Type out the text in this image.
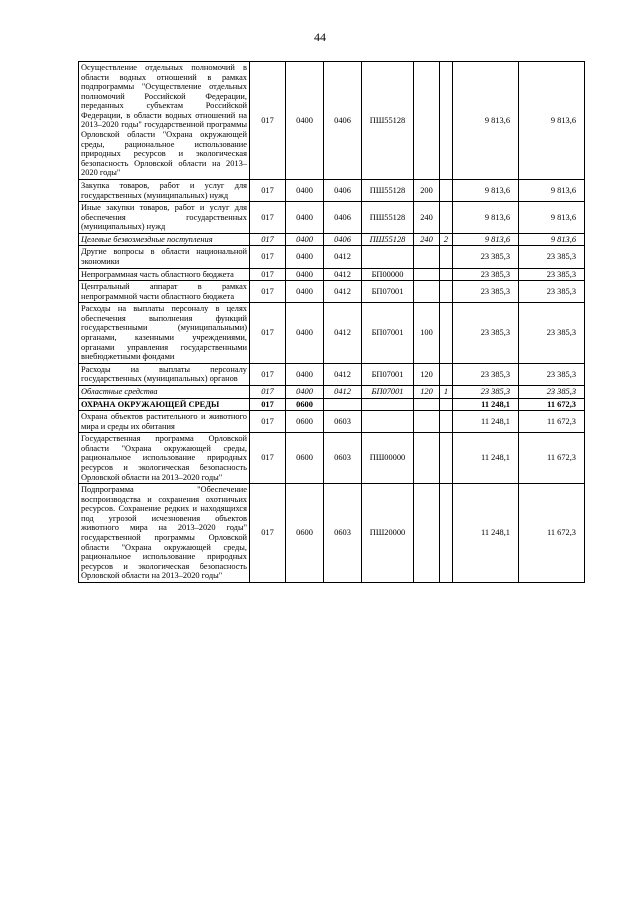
44
Осуществление отдельных полномочий в области водных отношений в рамках подпрограммы "Осуществление отдельных полномочий Российской Федерации, переданных субъектам Российской Федерации, в области водных отношений на 2013–2020 годы" государственной программы Орловской области "Охрана окружающей среды, рациональное использование природных ресурсов и экологическая безопасность Орловской области на 2013–2020 годы"	017	0400	0406	ПШ55128			9 813,6	9 813,6
Закупка товаров, работ и услуг для государственных (муниципальных) нужд	017	0400	0406	ПШ55128	200		9 813,6	9 813,6
Иные закупки товаров, работ и услуг для обеспечения государственных (муниципальных) нужд	017	0400	0406	ПШ55128	240		9 813,6	9 813,6
Целевые безвозмездные поступления	017	0400	0406	ПШ55128	240	2	9 813,6	9 813,6
Другие вопросы в области национальной экономики	017	0400	0412				23 385,3	23 385,3
Непрограммная часть областного бюджета	017	0400	0412	БП00000			23 385,3	23 385,3
Центральный аппарат в рамках непрограммной части областного бюджета	017	0400	0412	БП07001			23 385,3	23 385,3
Расходы на выплаты персоналу в целях обеспечения выполнения функций государственными (муниципальными) органами, казенными учреждениями, органами управления государственными внебюджетными фондами	017	0400	0412	БП07001	100		23 385,3	23 385,3
Расходы иа выплаты персоналу государственных (муниципальных) органов	017	0400	0412	БП07001	120		23 385,3	23 385,3
Областные средства	017	0400	0412	БП07001	120	1	23 385,3	23 385,3
ОХРАНА ОКРУЖАЮЩЕЙ СРЕДЫ	017	0600					11 248,1	11 672,3
Охрана объектов растительного и животного мира и среды их обитания	017	0600	0603				11 248,1	11 672,3
Государственная программа Орловской области "Охрана окружающей среды, рациональное использование природных ресурсов и экологическая безопасность Орловской области на 2013–2020 годы"	017	0600	0603	ПШ00000			11 248,1	11 672,3
Подпрограмма "Обеспечение воспроизводства и сохранения охотничьих ресурсов. Сохранение редких и находящихся под угрозой исчезновения объектов животного мира на 2013–2020 годы" государственной программы Орловской области "Охрана окружающей среды, рациональное использование природных ресурсов и экологическая безопасность Орловской области на 2013–2020 годы"	017	0600	0603	ПШ20000			11 248,1	11 672,3
